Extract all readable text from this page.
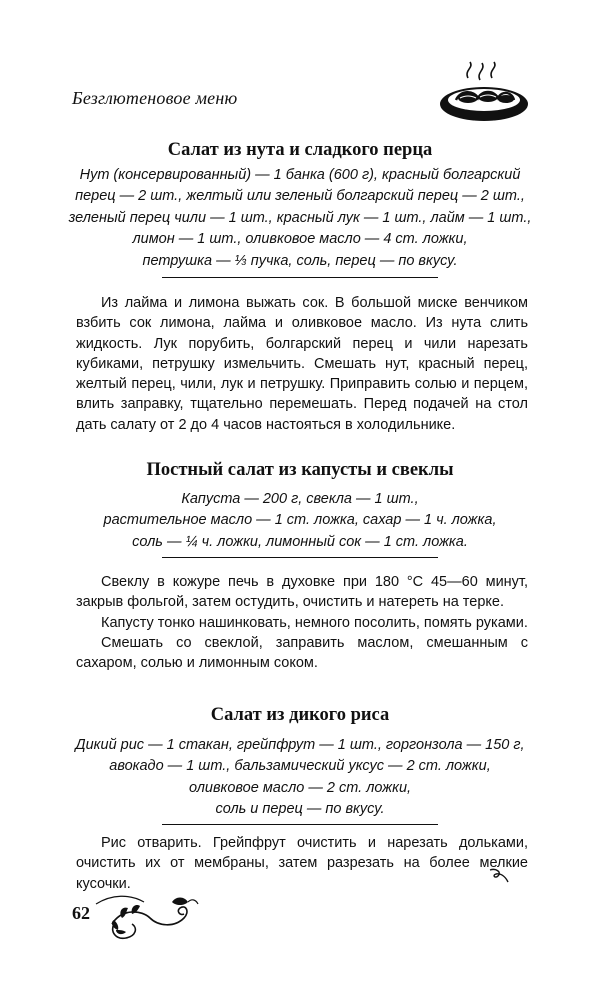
Безглютеновое меню
Салат из нута и сладкого перца
Нут (консервированный) — 1 банка (600 г), красный болгарский
перец — 2 шт., желтый или зеленый болгарский перец — 2 шт.,
зеленый перец чили — 1 шт., красный лук — 1 шт., лайм — 1 шт.,
лимон — 1 шт., оливковое масло — 4 ст. ложки,
петрушка — ⅓ пучка, соль, перец — по вкусу.

Из лайма и лимона выжать сок. В большой миске венчиком взбить сок лимона, лайма и оливковое масло. Из нута слить жидкость. Лук порубить, болгарский перец и чили нарезать кубиками, петрушку измельчить. Смешать нут, красный перец, желтый перец, чили, лук и петрушку. Приправить солью и перцем, влить заправку, тщательно перемешать. Перед подачей на стол дать салату от 2 до 4 часов настояться в холодильнике.

Постный салат из капусты и свеклы
Капуста — 200 г, свекла — 1 шт.,
растительное масло — 1 ст. ложка, сахар — 1 ч. ложка,
соль — ¼ ч. ложки, лимонный сок — 1 ст. ложка.

Свеклу в кожуре печь в духовке при 180 °С 45—60 минут, закрыв фольгой, затем остудить, очистить и натереть на терке.

Капусту тонко нашинковать, немного посолить, помять руками.

Смешать со свеклой, заправить маслом, смешанным с сахаром, солью и лимонным соком.

Салат из дикого риса
Дикий рис — 1 стакан, грейпфрут — 1 шт., горгонзола — 150 г,
авокадо — 1 шт., бальзамический уксус — 2 ст. ложки,
оливковое масло — 2 ст. ложки,
соль и перец — по вкусу.

Рис отварить. Грейпфрут очистить и нарезать дольками, очистить их от мембраны, затем разрезать на более мелкие кусочки.

62
